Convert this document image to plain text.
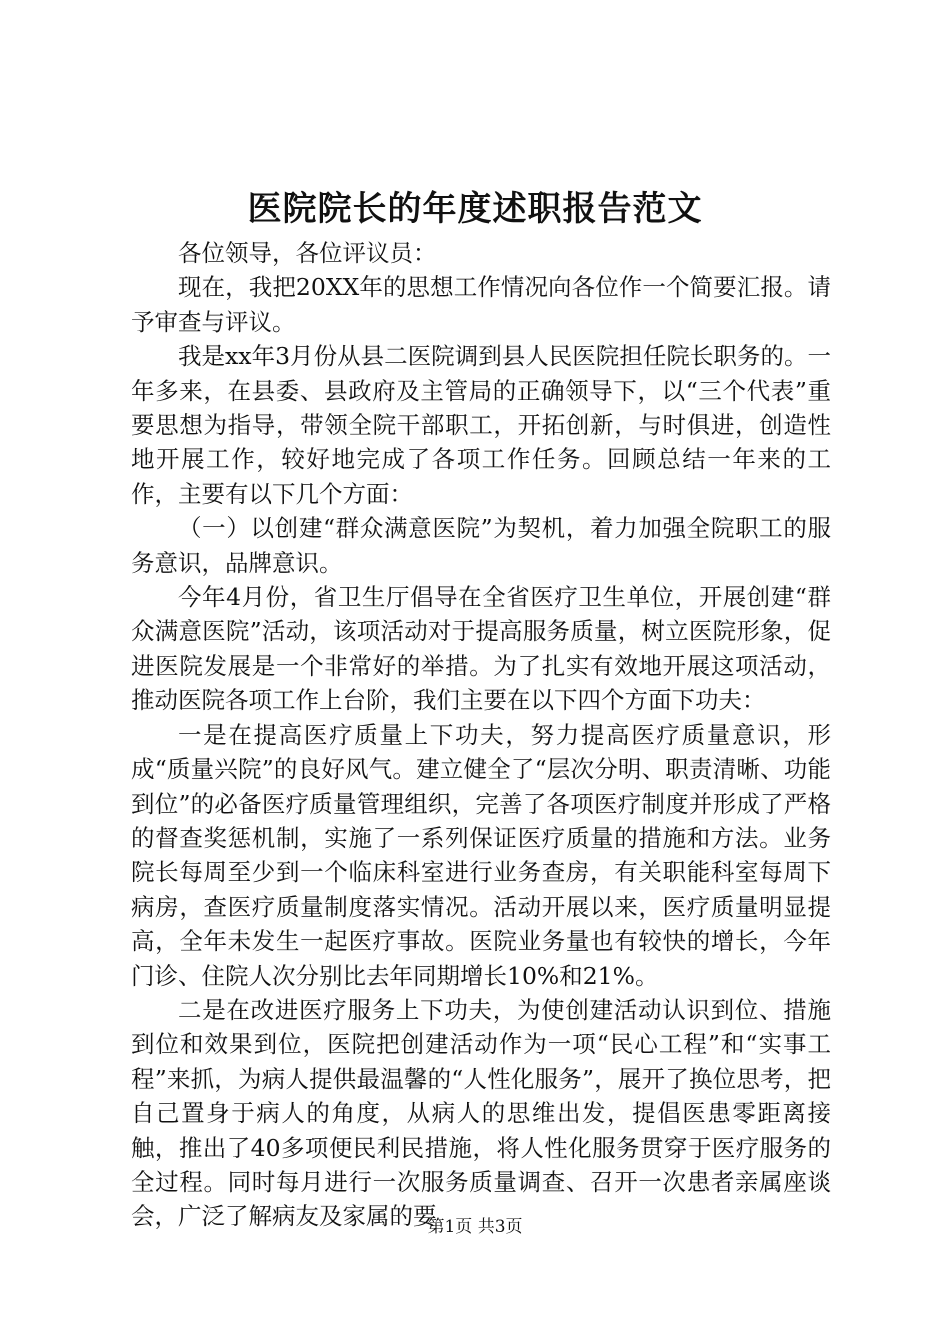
医院院长的年度述职报告范文

各位领导，各位评议员：

现在，我把20XX年的思想工作情况向各位作一个简要汇报。请予审查与评议。

我是xx年3月份从县二医院调到县人民医院担任院长职务的。一年多来，在县委、县政府及主管局的正确领导下，以“三个代表”重要思想为指导，带领全院干部职工，开拓创新，与时俱进，创造性地开展工作，较好地完成了各项工作任务。回顾总结一年来的工作，主要有以下几个方面：

（一）以创建“群众满意医院”为契机，着力加强全院职工的服务意识，品牌意识。

今年4月份，省卫生厅倡导在全省医疗卫生单位，开展创建“群众满意医院”活动，该项活动对于提高服务质量，树立医院形象，促进医院发展是一个非常好的举措。为了扎实有效地开展这项活动，推动医院各项工作上台阶，我们主要在以下四个方面下功夫：

一是在提高医疗质量上下功夫，努力提高医疗质量意识，形成“质量兴院”的良好风气。建立健全了“层次分明、职责清晰、功能到位”的必备医疗质量管理组织，完善了各项医疗制度并形成了严格的督查奖惩机制，实施了一系列保证医疗质量的措施和方法。业务院长每周至少到一个临床科室进行业务查房，有关职能科室每周下病房，查医疗质量制度落实情况。活动开展以来，医疗质量明显提高，全年未发生一起医疗事故。医院业务量也有较快的增长，今年门诊、住院人次分别比去年同期增长10%和21%。

二是在改进医疗服务上下功夫，为使创建活动认识到位、措施到位和效果到位，医院把创建活动作为一项“民心工程”和“实事工程”来抓，为病人提供最温馨的“人性化服务”，展开了换位思考，把自己置身于病人的角度，从病人的思维出发，提倡医患零距离接触，推出了40多项便民利民措施，将人性化服务贯穿于医疗服务的全过程。同时每月进行一次服务质量调查、召开一次患者亲属座谈会，广泛了解病友及家属的要

第1页 共3页
